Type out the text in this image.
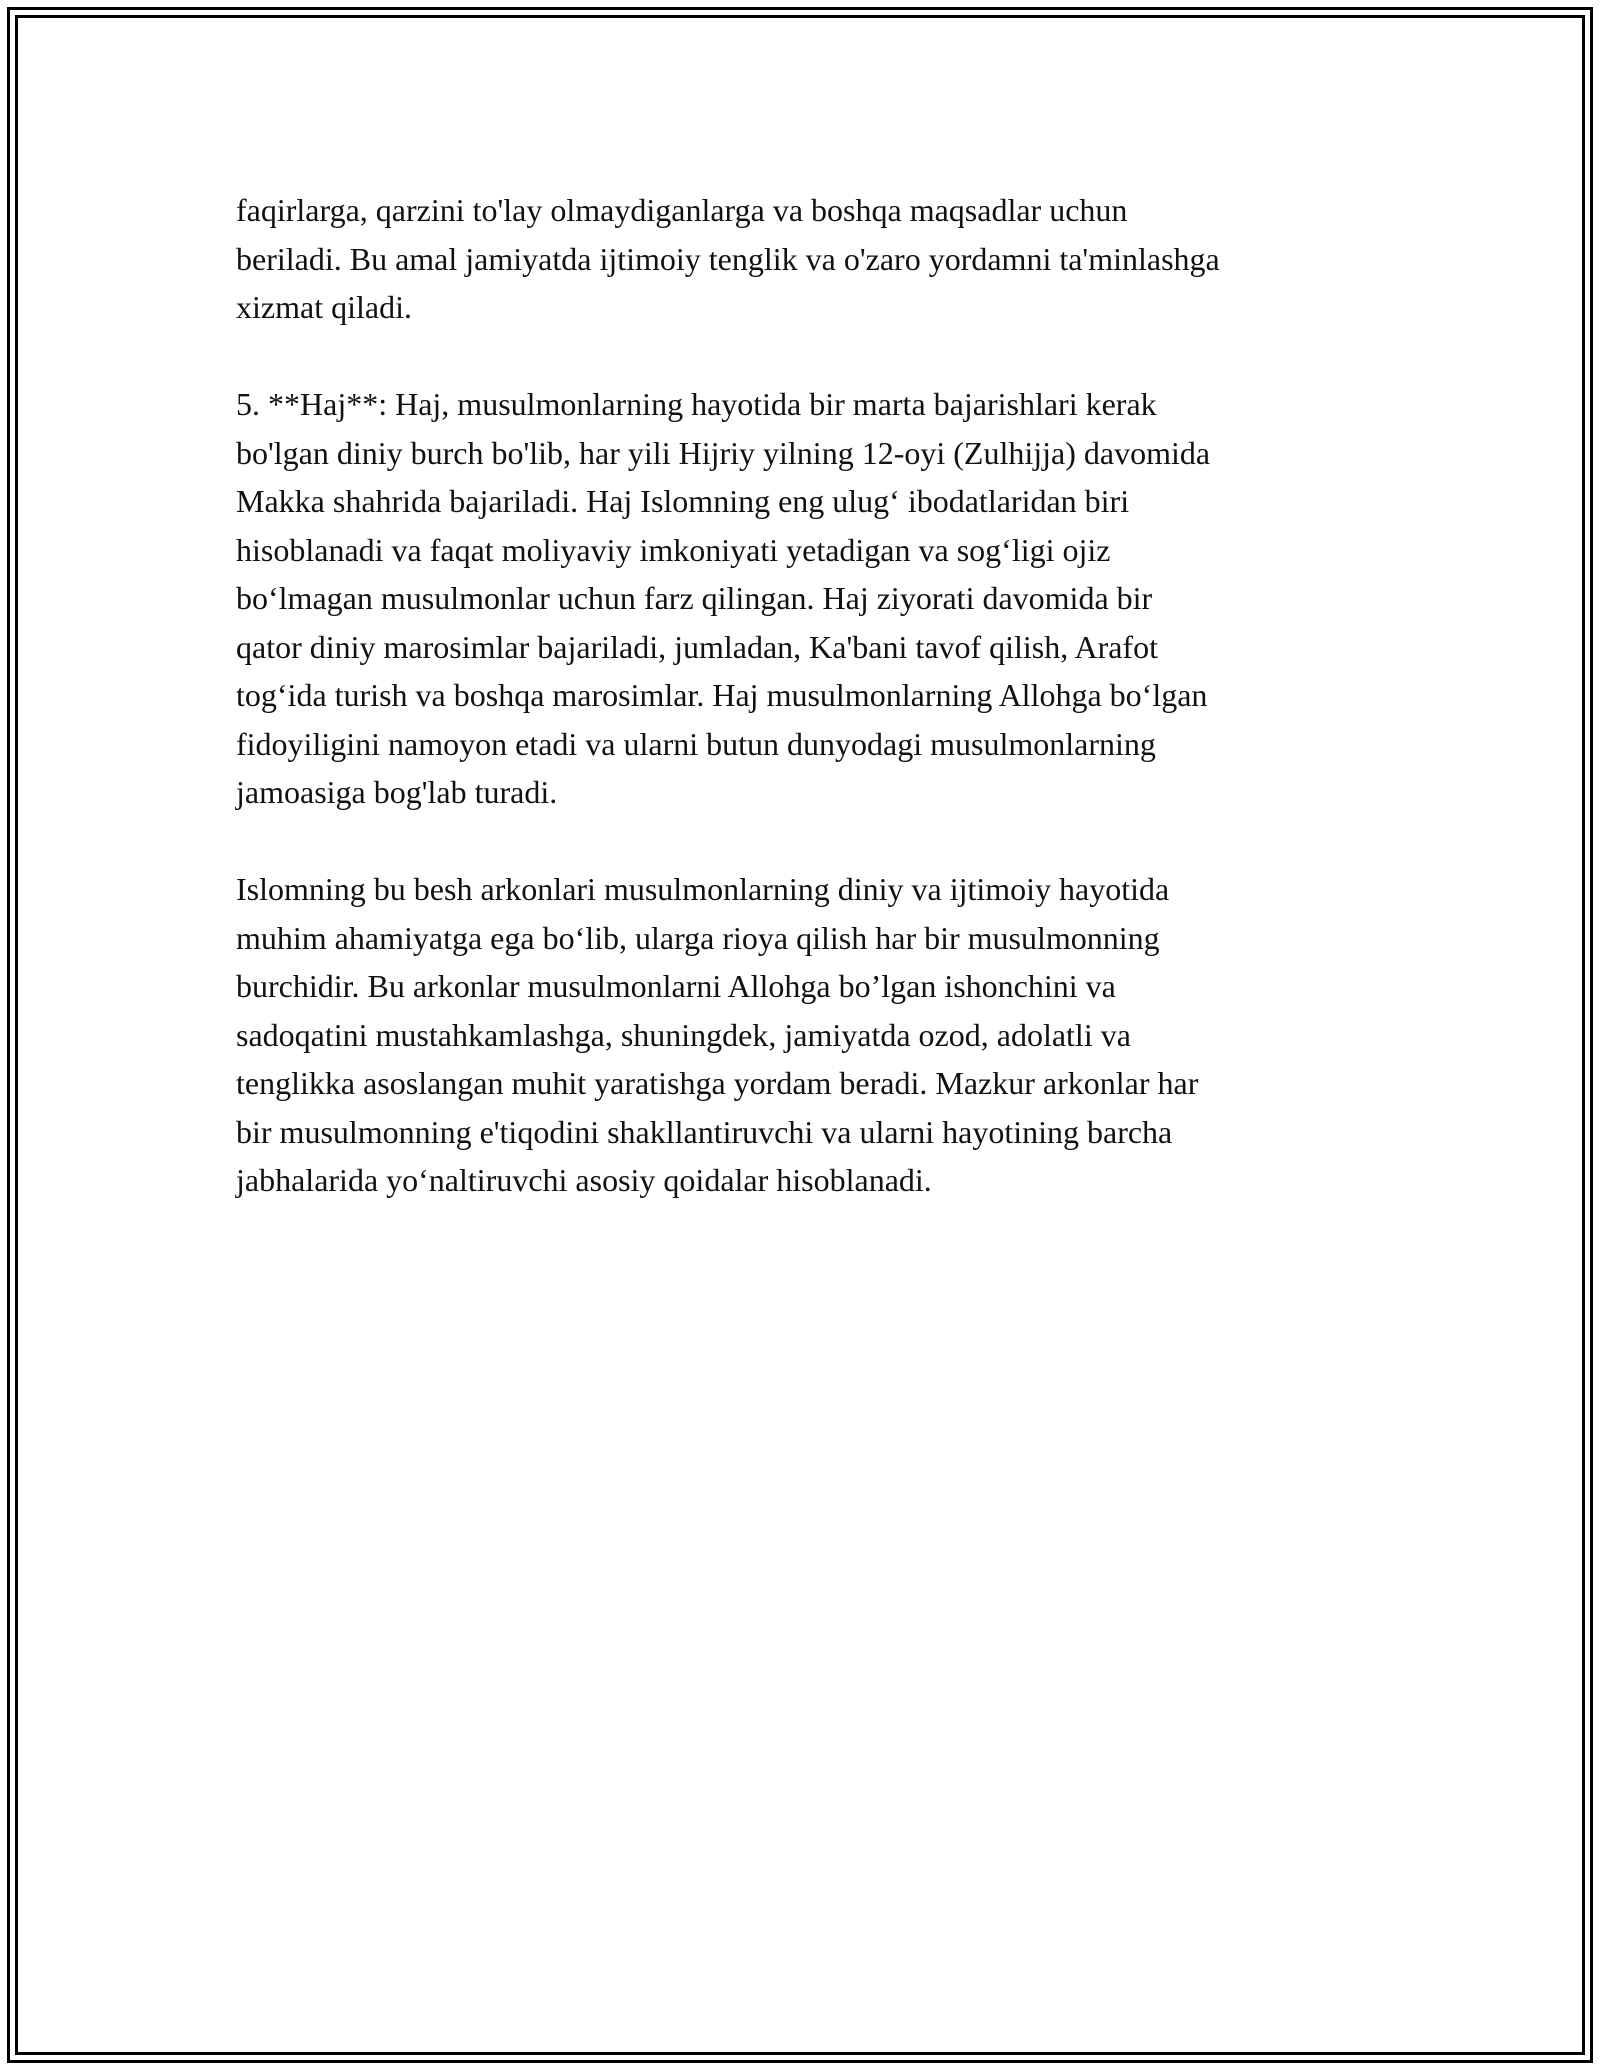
faqirlarga, qarzini to'lay olmaydiganlarga va boshqa maqsadlar uchun
beriladi. Bu amal jamiyatda ijtimoiy tenglik va o'zaro yordamni ta'minlashga
xizmat qiladi.

5. **Haj**: Haj, musulmonlarning hayotida bir marta bajarishlari kerak
bo'lgan diniy burch bo'lib, har yili Hijriy yilning 12-oyi (Zulhijja) davomida
Makka shahrida bajariladi. Haj Islomning eng ulug‘ ibodatlaridan biri
hisoblanadi va faqat moliyaviy imkoniyati yetadigan va sog‘ligi ojiz
bo‘lmagan musulmonlar uchun farz qilingan. Haj ziyorati davomida bir
qator diniy marosimlar bajariladi, jumladan, Ka'bani tavof qilish, Arafot
tog‘ida turish va boshqa marosimlar. Haj musulmonlarning Allohga bo‘lgan
fidoyiligini namoyon etadi va ularni butun dunyodagi musulmonlarning
jamoasiga bog'lab turadi.

Islomning bu besh arkonlari musulmonlarning diniy va ijtimoiy hayotida
muhim ahamiyatga ega bo‘lib, ularga rioya qilish har bir musulmonning
burchidir. Bu arkonlar musulmonlarni Allohga bo’lgan ishonchini va
sadoqatini mustahkamlashga, shuningdek, jamiyatda ozod, adolatli va
tenglikka asoslangan muhit yaratishga yordam beradi. Mazkur arkonlar har
bir musulmonning e'tiqodini shakllantiruvchi va ularni hayotining barcha
jabhalarida yo‘naltiruvchi asosiy qoidalar hisoblanadi.
